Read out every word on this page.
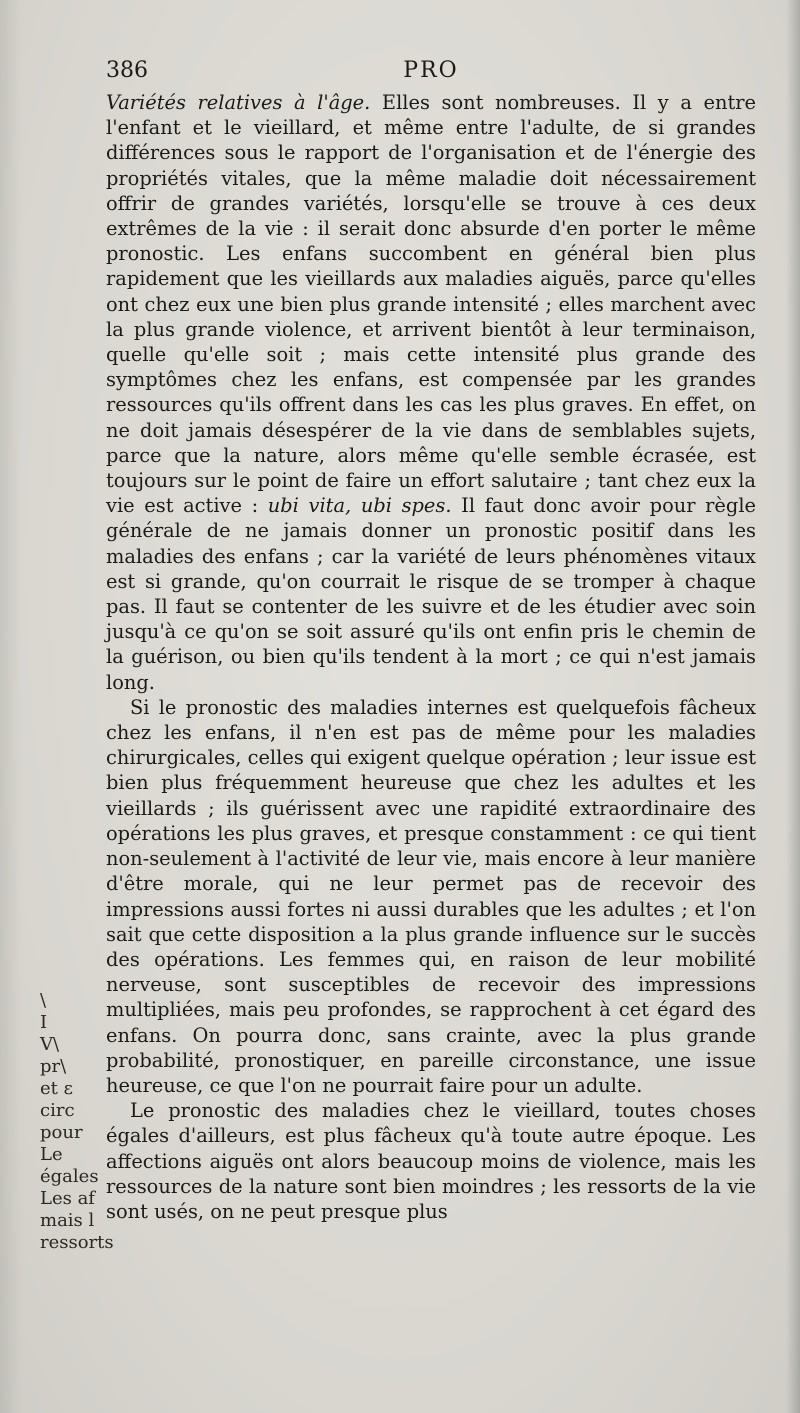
386	PRO

Variétés relatives à l'âge. Elles sont nombreuses. Il y a entre l'enfant et le vieillard, et même entre l'adulte, de si grandes différences sous le rapport de l'organisation et de l'énergie des propriétés vitales, que la même maladie doit nécessairement offrir de grandes variétés, lorsqu'elle se trouve à ces deux extrêmes de la vie : il serait donc absurde d'en porter le même pronostic. Les enfans succombent en général bien plus rapidement que les vieillards aux maladies aiguës, parce qu'elles ont chez eux une bien plus grande intensité ; elles marchent avec la plus grande violence, et arrivent bientôt à leur terminaison, quelle qu'elle soit ; mais cette intensité plus grande des symptômes chez les enfans, est compensée par les grandes ressources qu'ils offrent dans les cas les plus graves. En effet, on ne doit jamais désespérer de la vie dans de semblables sujets, parce que la nature, alors même qu'elle semble écrasée, est toujours sur le point de faire un effort salutaire ; tant chez eux la vie est active : ubi vita, ubi spes. Il faut donc avoir pour règle générale de ne jamais donner un pronostic positif dans les maladies des enfans ; car la variété de leurs phénomènes vitaux est si grande, qu'on courrait le risque de se tromper à chaque pas. Il faut se contenter de les suivre et de les étudier avec soin jusqu'à ce qu'on se soit assuré qu'ils ont enfin pris le chemin de la guérison, ou bien qu'ils tendent à la mort ; ce qui n'est jamais long.

Si le pronostic des maladies internes est quelquefois fâcheux chez les enfans, il n'en est pas de même pour les maladies chirurgicales, celles qui exigent quelque opération ; leur issue est bien plus fréquemment heureuse que chez les adultes et les vieillards ; ils guérissent avec une rapidité extraordinaire des opérations les plus graves, et presque constamment : ce qui tient non-seulement à l'activité de leur vie, mais encore à leur manière d'être morale, qui ne leur permet pas de recevoir des impressions aussi fortes ni aussi durables que les adultes ; et l'on sait que cette disposition a la plus grande influence sur le succès des opérations. Les femmes qui, en raison de leur mobilité nerveuse, sont susceptibles de recevoir des impressions multipliées, mais peu profondes, se rapprochent à cet égard des enfans. On pourra donc, sans crainte, avec la plus grande probabilité, pronostiquer, en pareille circonstance, une issue heureuse, ce que l'on ne pourrait faire pour un adulte.

Le pronostic des maladies chez le vieillard, toutes choses égales d'ailleurs, est plus fâcheux qu'à toute autre époque. Les affections aiguës ont alors beaucoup moins de violence, mais les ressources de la nature sont bien moindres ; les ressorts de la vie sont usés, on ne peut presque plus

\
I
V\
pr\
et ɛ
circ
pour
Le
égales
Les af
mais l
ressorts
